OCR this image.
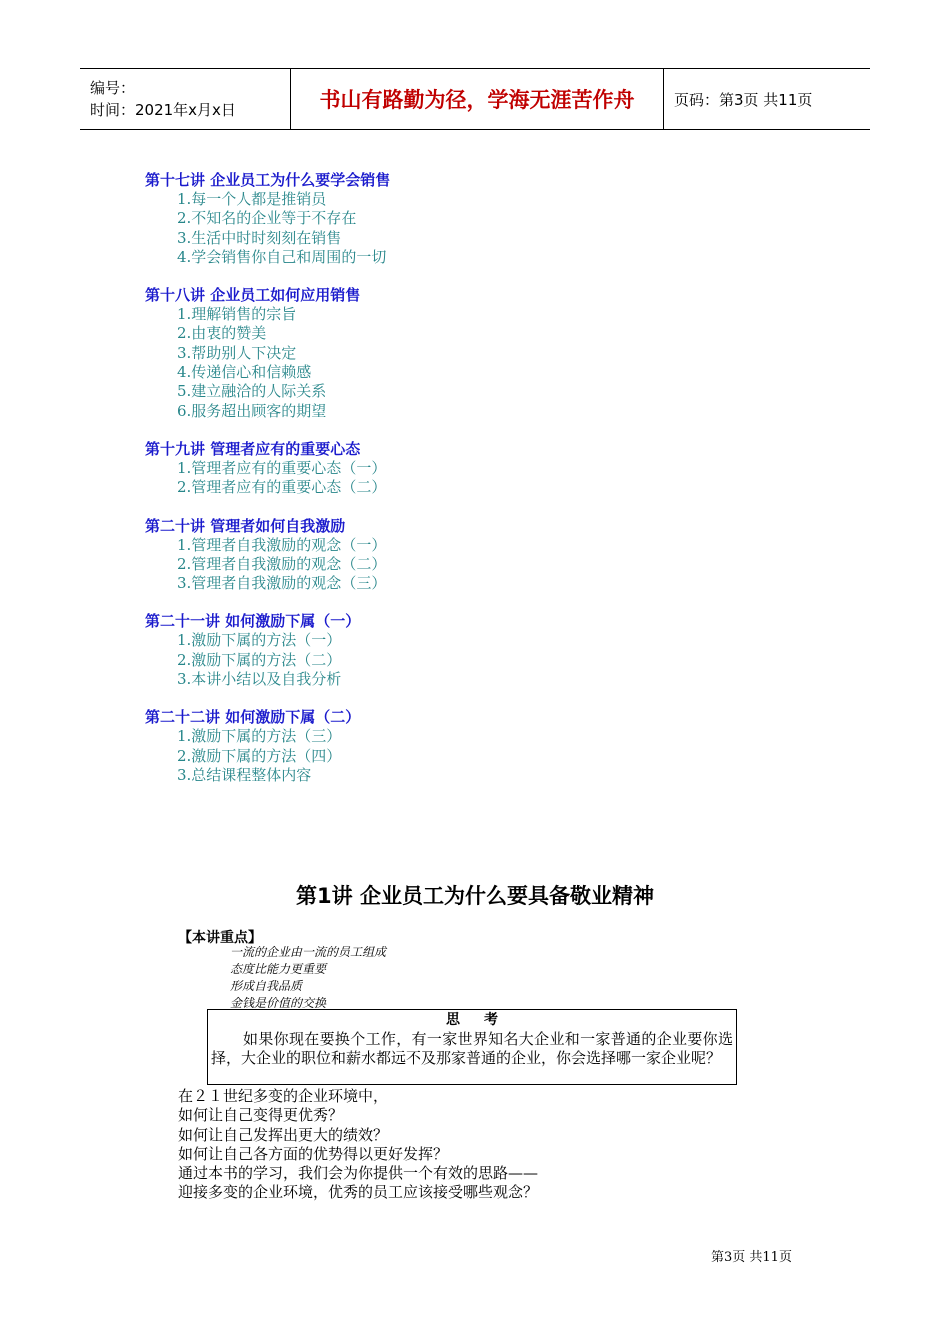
编号：
时间：2021年x月x日	书山有路勤为径，学海无涯苦作舟	页码：第3页 共11页
第十七讲 企业员工为什么要学会销售
1.每一个人都是推销员
2.不知名的企业等于不存在
3.生活中时时刻刻在销售
4.学会销售你自己和周围的一切
第十八讲 企业员工如何应用销售
1.理解销售的宗旨
2.由衷的赞美
3.帮助别人下决定
4.传递信心和信赖感
5.建立融洽的人际关系
6.服务超出顾客的期望
第十九讲 管理者应有的重要心态
1.管理者应有的重要心态（一）
2.管理者应有的重要心态（二）
第二十讲 管理者如何自我激励
1.管理者自我激励的观念（一）
2.管理者自我激励的观念（二）
3.管理者自我激励的观念（三）
第二十一讲 如何激励下属（一）
1.激励下属的方法（一）
2.激励下属的方法（二）
3.本讲小结以及自我分析
第二十二讲 如何激励下属（二）
1.激励下属的方法（三）
2.激励下属的方法（四）
3.总结课程整体内容
第1讲 企业员工为什么要具备敬业精神
【本讲重点】
一流的企业由一流的员工组成
态度比能力更重要
形成自我品质
金钱是价值的交换
思考
如果你现在要换个工作，有一家世界知名大企业和一家普通的企业要你选择，大企业的职位和薪水都远不及那家普通的企业，你会选择哪一家企业呢？
在２１世纪多变的企业环境中，
如何让自己变得更优秀？
如何让自己发挥出更大的绩效？
如何让自己各方面的优势得以更好发挥？
通过本书的学习，我们会为你提供一个有效的思路——
迎接多变的企业环境，优秀的员工应该接受哪些观念？
第3页 共11页
